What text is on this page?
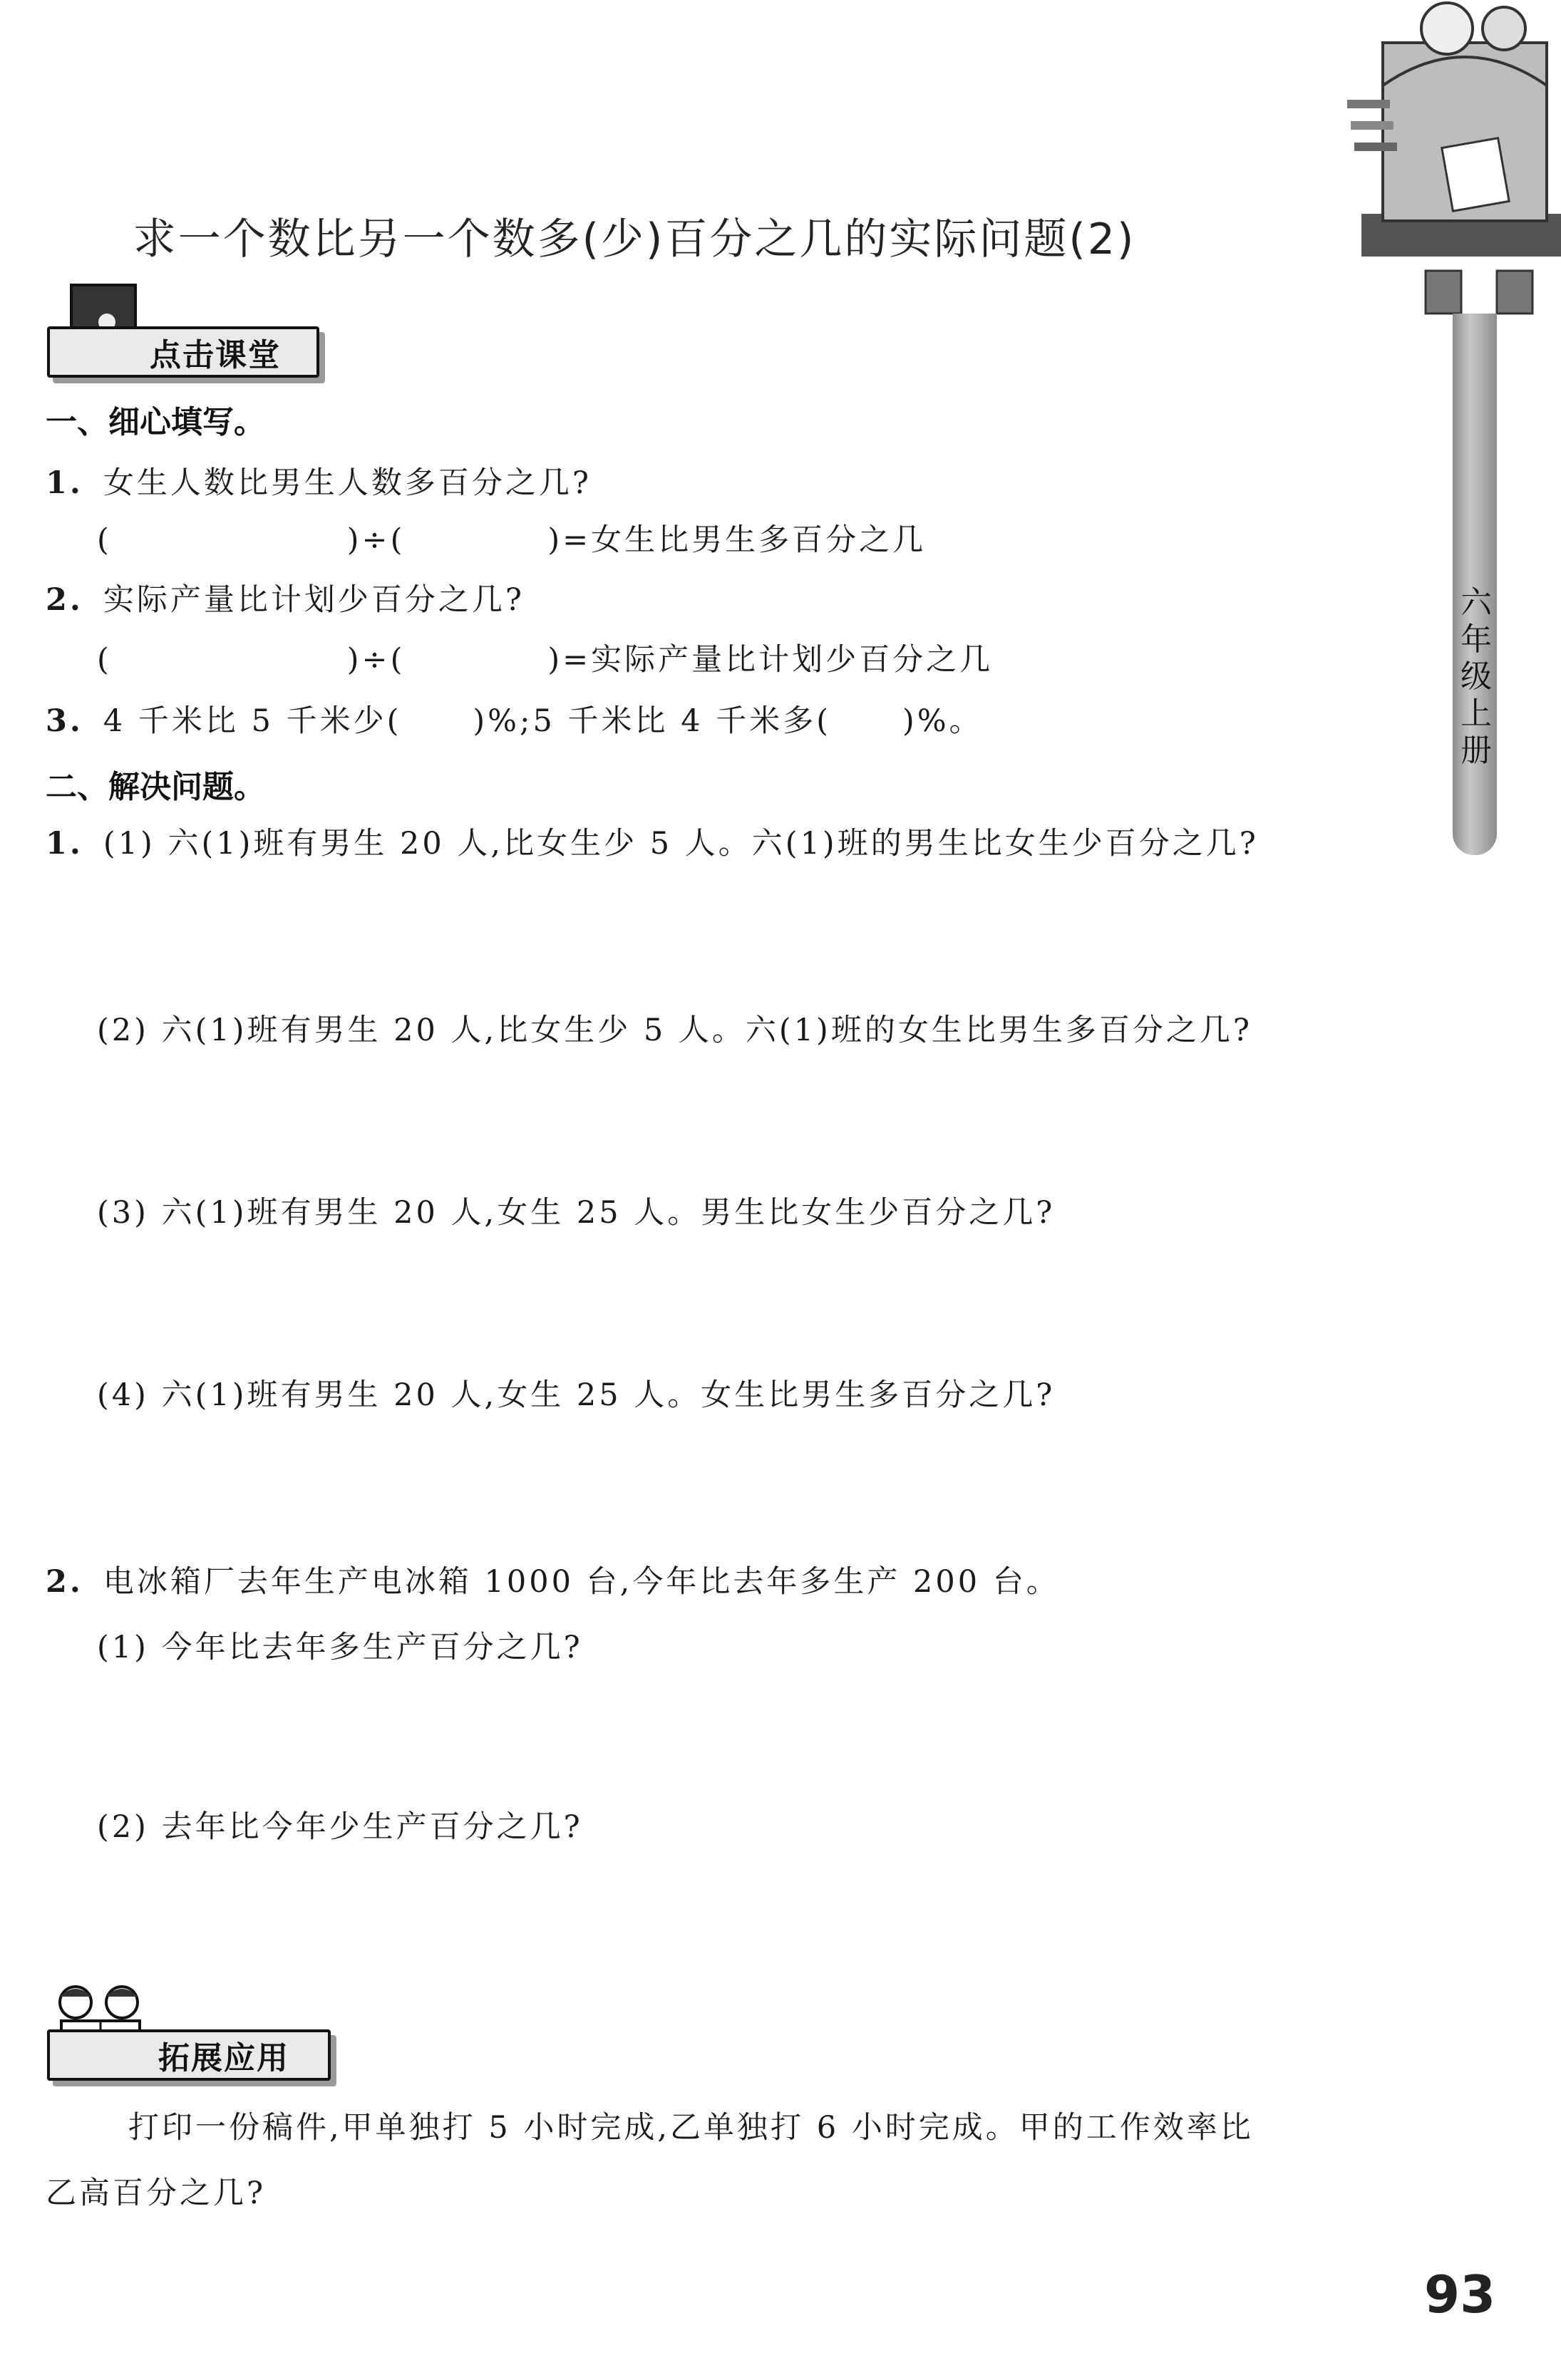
六年级上册
求一个数比另一个数多(少)百分之几的实际问题(2)
点击课堂
一、细心填写。
1. 女生人数比男生人数多百分之几?
(	)÷(	)=女生比男生多百分之几
2. 实际产量比计划少百分之几?
(	)÷(	)=实际产量比计划少百分之几
3. 4 千米比 5 千米少( )%;5 千米比 4 千米多( )%。
二、解决问题。
1. (1) 六(1)班有男生 20 人,比女生少 5 人。六(1)班的男生比女生少百分之几?
(2) 六(1)班有男生 20 人,比女生少 5 人。六(1)班的女生比男生多百分之几?
(3) 六(1)班有男生 20 人,女生 25 人。男生比女生少百分之几?
(4) 六(1)班有男生 20 人,女生 25 人。女生比男生多百分之几?
2. 电冰箱厂去年生产电冰箱 1000 台,今年比去年多生产 200 台。
(1) 今年比去年多生产百分之几?
(2) 去年比今年少生产百分之几?
拓展应用
打印一份稿件,甲单独打 5 小时完成,乙单独打 6 小时完成。甲的工作效率比
乙高百分之几?
93
